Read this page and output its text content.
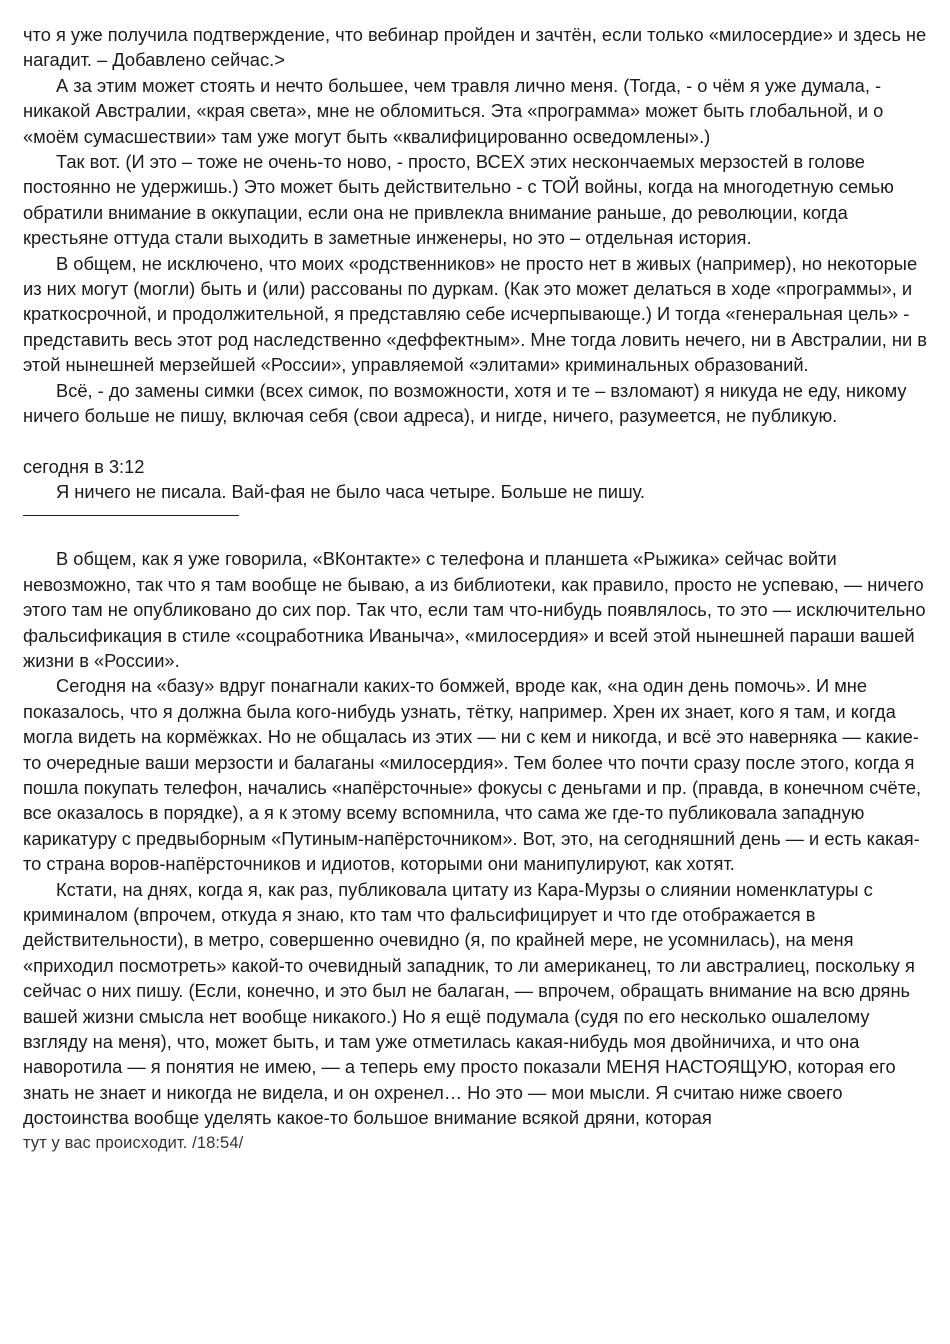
что я уже получила подтверждение, что вебинар пройден и зачтён, если только «милосердие» и здесь не нагадит. – Добавлено сейчас.>

А за этим может стоять и нечто большее, чем травля лично меня. (Тогда, - о чём я уже думала, - никакой Австралии, «края света», мне не обломиться. Эта «программа» может быть глобальной, и о «моём сумасшествии» там уже могут быть «квалифицированно осведомлены».)

Так вот. (И это – тоже не очень-то ново, - просто, ВСЕХ этих нескончаемых мерзостей в голове постоянно не удержишь.) Это может быть действительно - с ТОЙ войны, когда на многодетную семью обратили внимание в оккупации, если она не привлекла внимание раньше, до революции, когда крестьяне оттуда стали выходить в заметные инженеры, но это – отдельная история.

В общем, не исключено, что моих «родственников» не просто нет в живых (например), но некоторые из них могут (могли) быть и (или) рассованы по дуркам. (Как это может делаться в ходе «программы», и краткосрочной, и продолжительной, я представляю себе исчерпывающе.) И тогда «генеральная цель» - представить весь этот род наследственно «деффектным». Мне тогда ловить нечего, ни в Австралии, ни в этой нынешней мерзейшей «России», управляемой «элитами» криминальных образований.

Всё, - до замены симки (всех симок, по возможности, хотя и те – взломают) я никуда не еду, никому ничего больше не пишу, включая себя (свои адреса), и нигде, ничего, разумеется, не публикую.

сегодня в 3:12

Я ничего не писала. Вай-фая не было часа четыре. Больше не пишу.

В общем, как я уже говорила, «ВКонтакте» с телефона и планшета «Рыжика» сейчас войти невозможно, так что я там вообще не бываю, а из библиотеки, как правило, просто не успеваю, — ничего этого там не опубликовано до сих пор. Так что, если там что-нибудь появлялось, то это — исключительно фальсификация в стиле «соцработника Иваныча», «милосердия» и всей этой нынешней параши вашей жизни в «России».

Сегодня на «базу» вдруг понагнали каких-то бомжей, вроде как, «на один день помочь». И мне показалось, что я должна была кого-нибудь узнать, тётку, например. Хрен их знает, кого я там, и когда могла видеть на кормёжках. Но не общалась из этих — ни с кем и никогда, и всё это наверняка — какие-то очередные ваши мерзости и балаганы «милосердия». Тем более что почти сразу после этого, когда я пошла покупать телефон, начались «напёрсточные» фокусы с деньгами и пр. (правда, в конечном счёте, все оказалось в порядке), а я к этому всему вспомнила, что сама же где-то публиковала западную карикатуру с предвыборным «Путиным-напёрсточником». Вот, это, на сегодняшний день — и есть какая-то страна воров-напёрсточников и идиотов, которыми они манипулируют, как хотят.

Кстати, на днях, когда я, как раз, публиковала цитату из Кара-Мурзы о слиянии номенклатуры с криминалом (впрочем, откуда я знаю, кто там что фальсифицирует и что где отображается в действительности), в метро, совершенно очевидно (я, по крайней мере, не усомнилась), на меня «приходил посмотреть» какой-то очевидный западник, то ли американец, то ли австралиец, поскольку я сейчас о них пишу. (Если, конечно, и это был не балаган, — впрочем, обращать внимание на всю дрянь вашей жизни смысла нет вообще никакого.) Но я ещё подумала (судя по его несколько ошалелому взгляду на меня), что, может быть, и там уже отметилась какая-нибудь моя двойничиха, и что она наворотила — я понятия не имею, — а теперь ему просто показали МЕНЯ НАСТОЯЩУЮ, которая его знать не знает и никогда не видела, и он охренел… Но это — мои мысли. Я считаю ниже своего достоинства вообще уделять какое-то большое внимание всякой дряни, которая

тут у вас происходит. /18:54/
